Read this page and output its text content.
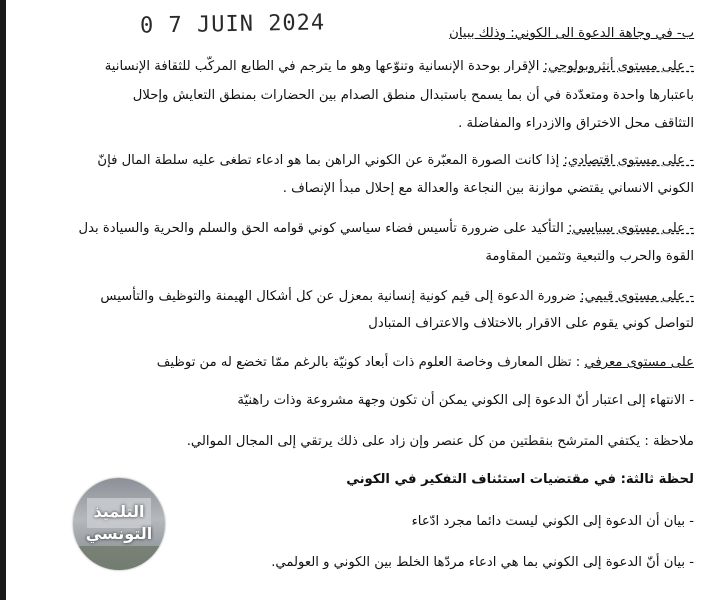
0 7 JUIN 2024	ب- في وجاهة الدعوة الى الكوني: وذلك ببيان
- على مستوى أنثروبولوجي: الإقرار بوحدة الإنسانية وتنوّعها وهو ما يترجم في الطابع المركّب للثقافة الإنسانية
باعتبارها واحدة ومتعدّدة في أن بما يسمح باستبدال منطق الصدام بين الحضارات بمنطق التعايش وإحلال
التثاقف محل الاختراق والازدراء والمفاضلة .
- على مستوى اقتصادي: إذا كانت الصورة المعبّرة عن الكوني الراهن بما هو ادعاء تطغى عليه سلطة المال فإنّ
الكوني الانساني يقتضي موازنة بين النجاعة والعدالة مع إحلال مبدأ الإنصاف .
- على مستوى سياسي: التأكيد على ضرورة تأسيس فضاء سياسي كوني قوامه الحق والسلم والحرية والسيادة بدل
القوة والحرب والتبعية وتثمين المقاومة
- على مستوى قيمي: ضرورة الدعوة إلى قيم كونية إنسانية بمعزل عن كل أشكال الهيمنة والتوظيف والتأسيس
لتواصل كوني يقوم على الاقرار بالاختلاف والاعتراف المتبادل
على مستوى معرفي : تظل المعارف وخاصة العلوم ذات أبعاد كونيّة بالرغم ممّا تخضع له من توظيف
- الانتهاء إلى اعتبار أنّ الدعوة إلى الكوني يمكن أن تكون وجهة مشروعة وذات راهنيّة
ملاحظة : يكتفي المترشح بنقطتين من كل عنصر وإن زاد على ذلك يرتقي إلى المجال الموالي.
لحظة ثالثة: في مقتضيات استئناف التفكير في الكوني
- بيان أن الدعوة إلى الكوني ليست دائما مجرد ادّعاء
- بيان أنّ الدعوة إلى الكوني بما هي ادعاء مردّها الخلط بين الكوني و العولمي.
التلميذ
التونسي
